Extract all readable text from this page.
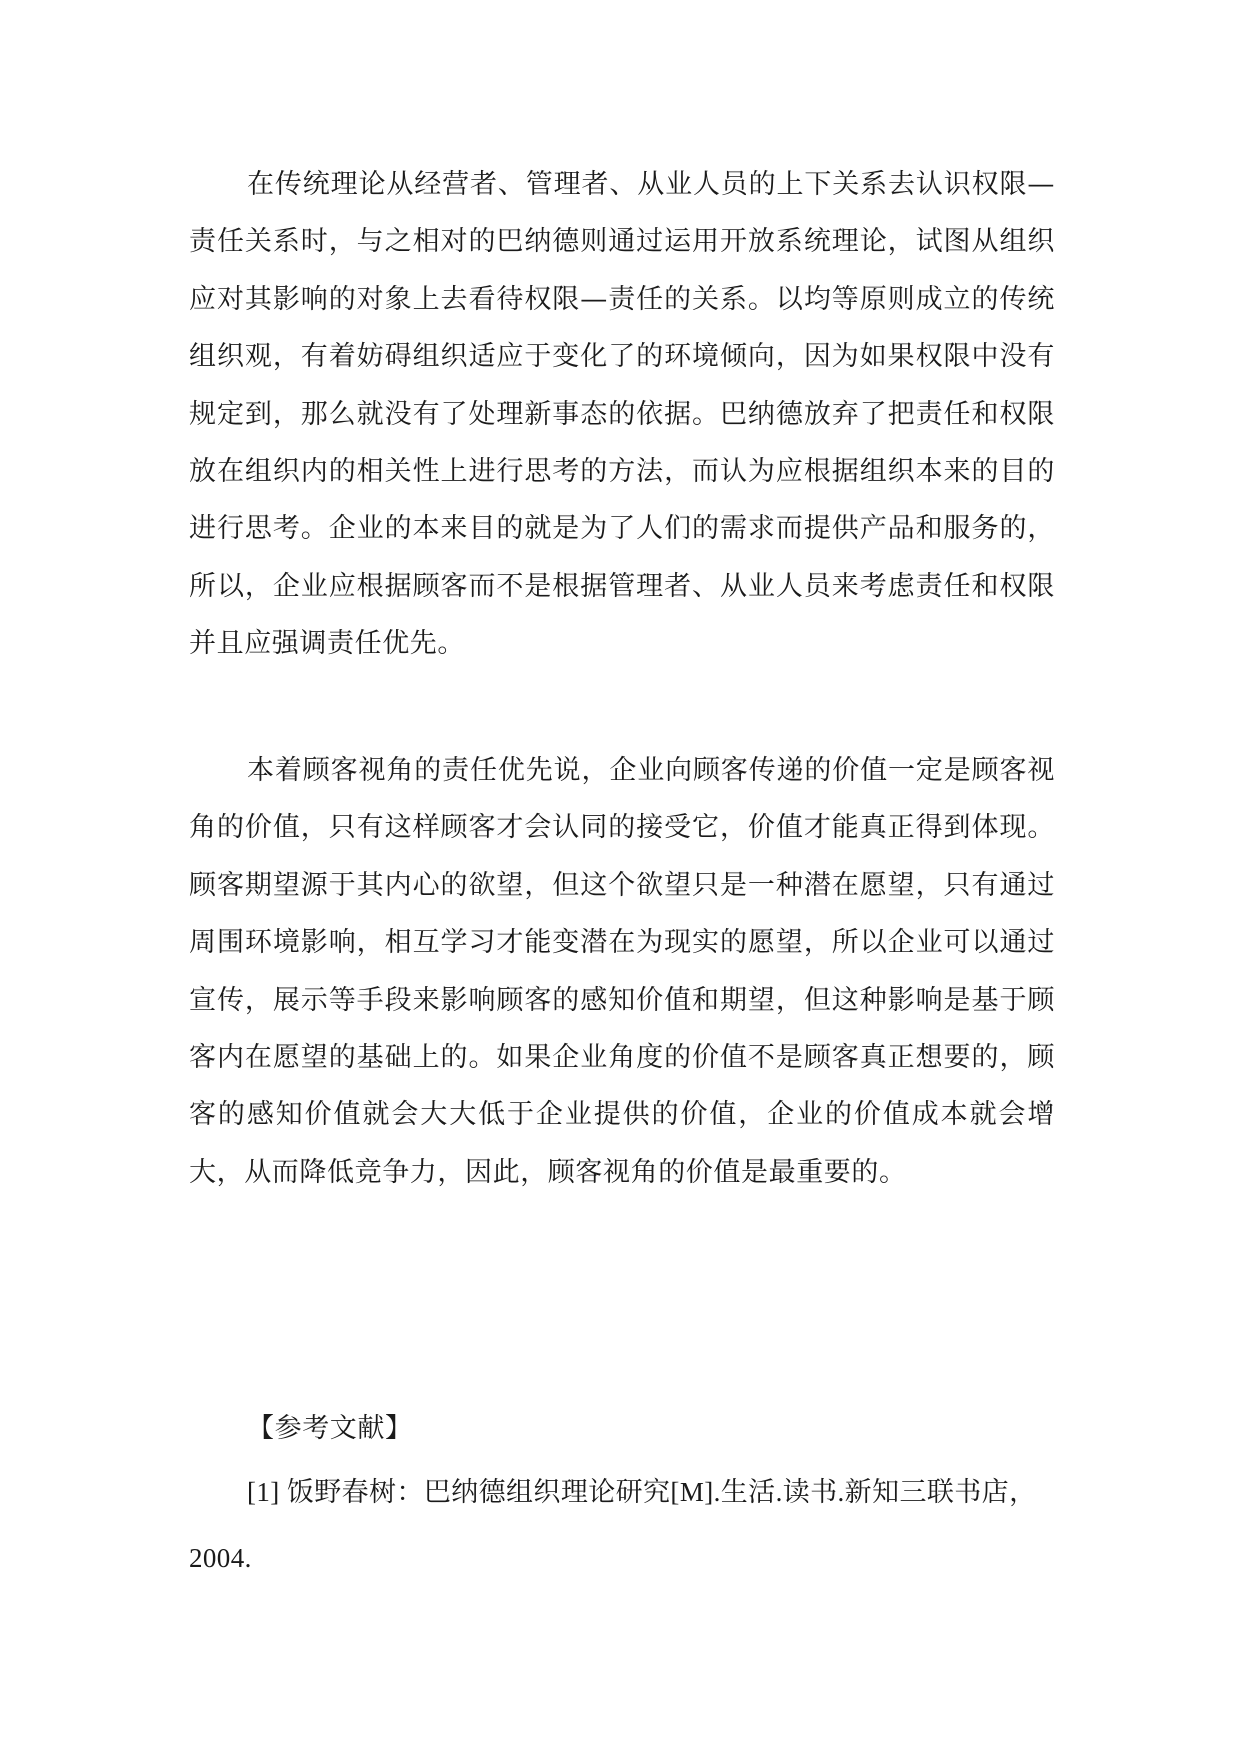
在传统理论从经营者、管理者、从业人员的上下关系去认识权限—责任关系时，与之相对的巴纳德则通过运用开放系统理论，试图从组织应对其影响的对象上去看待权限—责任的关系。以均等原则成立的传统组织观，有着妨碍组织适应于变化了的环境倾向，因为如果权限中没有规定到，那么就没有了处理新事态的依据。巴纳德放弃了把责任和权限放在组织内的相关性上进行思考的方法，而认为应根据组织本来的目的进行思考。企业的本来目的就是为了人们的需求而提供产品和服务的，所以，企业应根据顾客而不是根据管理者、从业人员来考虑责任和权限并且应强调责任优先。

本着顾客视角的责任优先说，企业向顾客传递的价值一定是顾客视角的价值，只有这样顾客才会认同的接受它，价值才能真正得到体现。顾客期望源于其内心的欲望，但这个欲望只是一种潜在愿望，只有通过周围环境影响，相互学习才能变潜在为现实的愿望，所以企业可以通过宣传，展示等手段来影响顾客的感知价值和期望，但这种影响是基于顾客内在愿望的基础上的。如果企业角度的价值不是顾客真正想要的，顾客的感知价值就会大大低于企业提供的价值，企业的价值成本就会增大，从而降低竞争力，因此，顾客视角的价值是最重要的。

【参考文献】

[1] 饭野春树：巴纳德组织理论研究[M].生活.读书.新知三联书店，2004.
